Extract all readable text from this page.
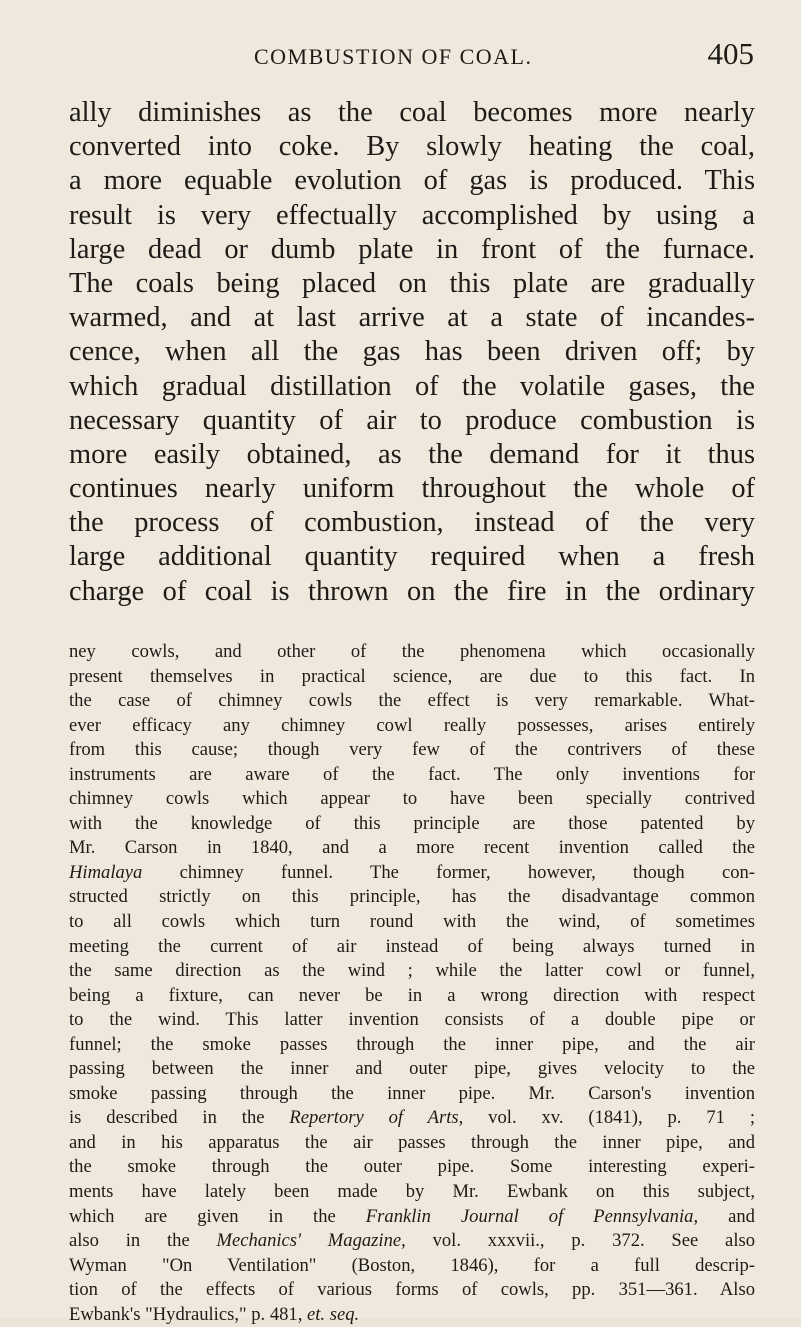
COMBUSTION OF COAL.	405
ally diminishes as the coal becomes more nearly
converted into coke. By slowly heating the coal,
a more equable evolution of gas is produced. This
result is very effectually accomplished by using a
large dead or dumb plate in front of the furnace.
The coals being placed on this plate are gradually
warmed, and at last arrive at a state of incandes-
cence, when all the gas has been driven off; by
which gradual distillation of the volatile gases, the
necessary quantity of air to produce combustion is
more easily obtained, as the demand for it thus
continues nearly uniform throughout the whole of
the process of combustion, instead of the very
large additional quantity required when a fresh
charge of coal is thrown on the fire in the ordinary
ney cowls, and other of the phenomena which occasionally
present themselves in practical science, are due to this fact. In
the case of chimney cowls the effect is very remarkable. What-
ever efficacy any chimney cowl really possesses, arises entirely
from this cause; though very few of the contrivers of these
instruments are aware of the fact. The only inventions for
chimney cowls which appear to have been specially contrived
with the knowledge of this principle are those patented by
Mr. Carson in 1840, and a more recent invention called the
Himalaya chimney funnel. The former, however, though con-
structed strictly on this principle, has the disadvantage common
to all cowls which turn round with the wind, of sometimes
meeting the current of air instead of being always turned in
the same direction as the wind ; while the latter cowl or funnel,
being a fixture, can never be in a wrong direction with respect
to the wind. This latter invention consists of a double pipe or
funnel; the smoke passes through the inner pipe, and the air
passing between the inner and outer pipe, gives velocity to the
smoke passing through the inner pipe. Mr. Carson's invention
is described in the Repertory of Arts, vol. xv. (1841), p. 71 ;
and in his apparatus the air passes through the inner pipe, and
the smoke through the outer pipe. Some interesting experi-
ments have lately been made by Mr. Ewbank on this subject,
which are given in the Franklin Journal of Pennsylvania, and
also in the Mechanics' Magazine, vol. xxxvii., p. 372. See also
Wyman "On Ventilation" (Boston, 1846), for a full descrip-
tion of the effects of various forms of cowls, pp. 351—361. Also
Ewbank's "Hydraulics," p. 481, et. seq.
